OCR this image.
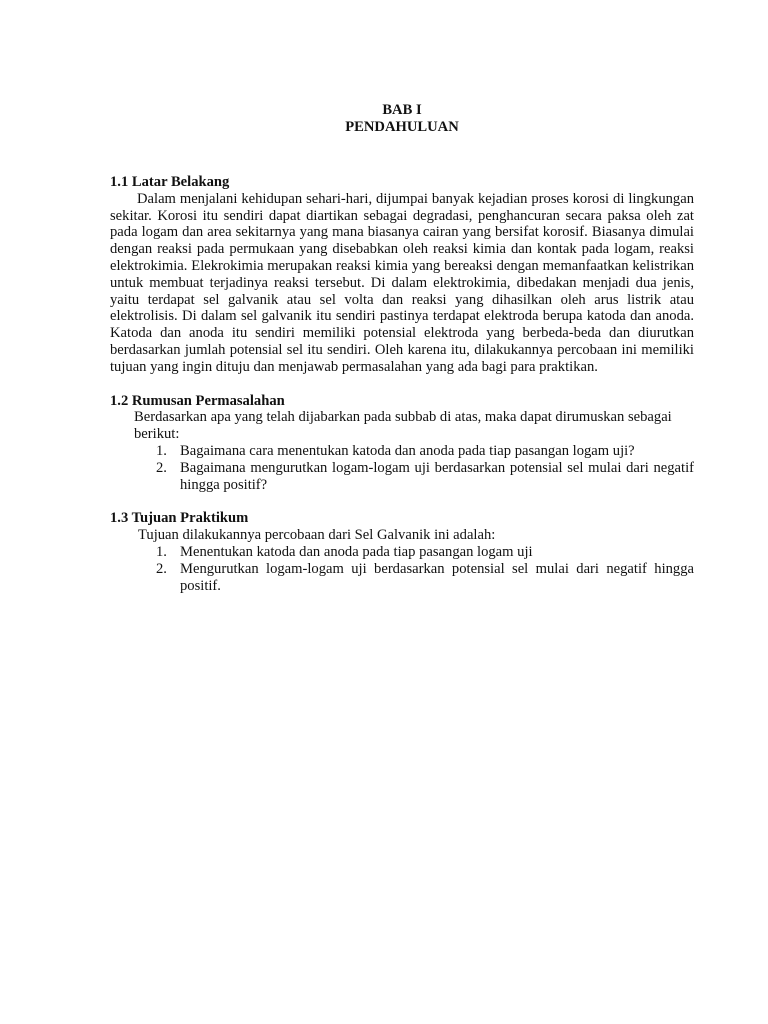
BAB I
PENDAHULUAN

1.1 Latar Belakang

Dalam menjalani kehidupan sehari-hari, dijumpai banyak kejadian proses korosi di lingkungan sekitar. Korosi itu sendiri dapat diartikan sebagai degradasi, penghancuran secara paksa oleh zat pada logam dan area sekitarnya yang mana biasanya cairan yang bersifat korosif. Biasanya dimulai dengan reaksi pada permukaan yang disebabkan oleh reaksi kimia dan kontak pada logam, reaksi elektrokimia. Elekrokimia merupakan reaksi kimia yang bereaksi dengan memanfaatkan kelistrikan untuk membuat terjadinya reaksi tersebut. Di dalam elektrokimia, dibedakan menjadi dua jenis, yaitu terdapat sel galvanik atau sel volta dan reaksi yang dihasilkan oleh arus listrik atau elektrolisis. Di dalam sel galvanik itu sendiri pastinya terdapat elektroda berupa katoda dan anoda. Katoda dan anoda itu sendiri memiliki potensial elektroda yang berbeda-beda dan diurutkan berdasarkan jumlah potensial sel itu sendiri. Oleh karena itu, dilakukannya percobaan ini memiliki tujuan yang ingin dituju dan menjawab permasalahan yang ada bagi para praktikan.

1.2 Rumusan Permasalahan

Berdasarkan apa yang telah dijabarkan pada subbab di atas, maka dapat dirumuskan sebagai berikut:

1. Bagaimana cara menentukan katoda dan anoda pada tiap pasangan logam uji?
2. Bagaimana mengurutkan logam-logam uji berdasarkan potensial sel mulai dari negatif hingga positif?

1.3 Tujuan Praktikum

Tujuan dilakukannya percobaan dari Sel Galvanik ini adalah:

1. Menentukan katoda dan anoda pada tiap pasangan logam uji
2. Mengurutkan logam-logam uji berdasarkan potensial sel mulai dari negatif hingga positif.
